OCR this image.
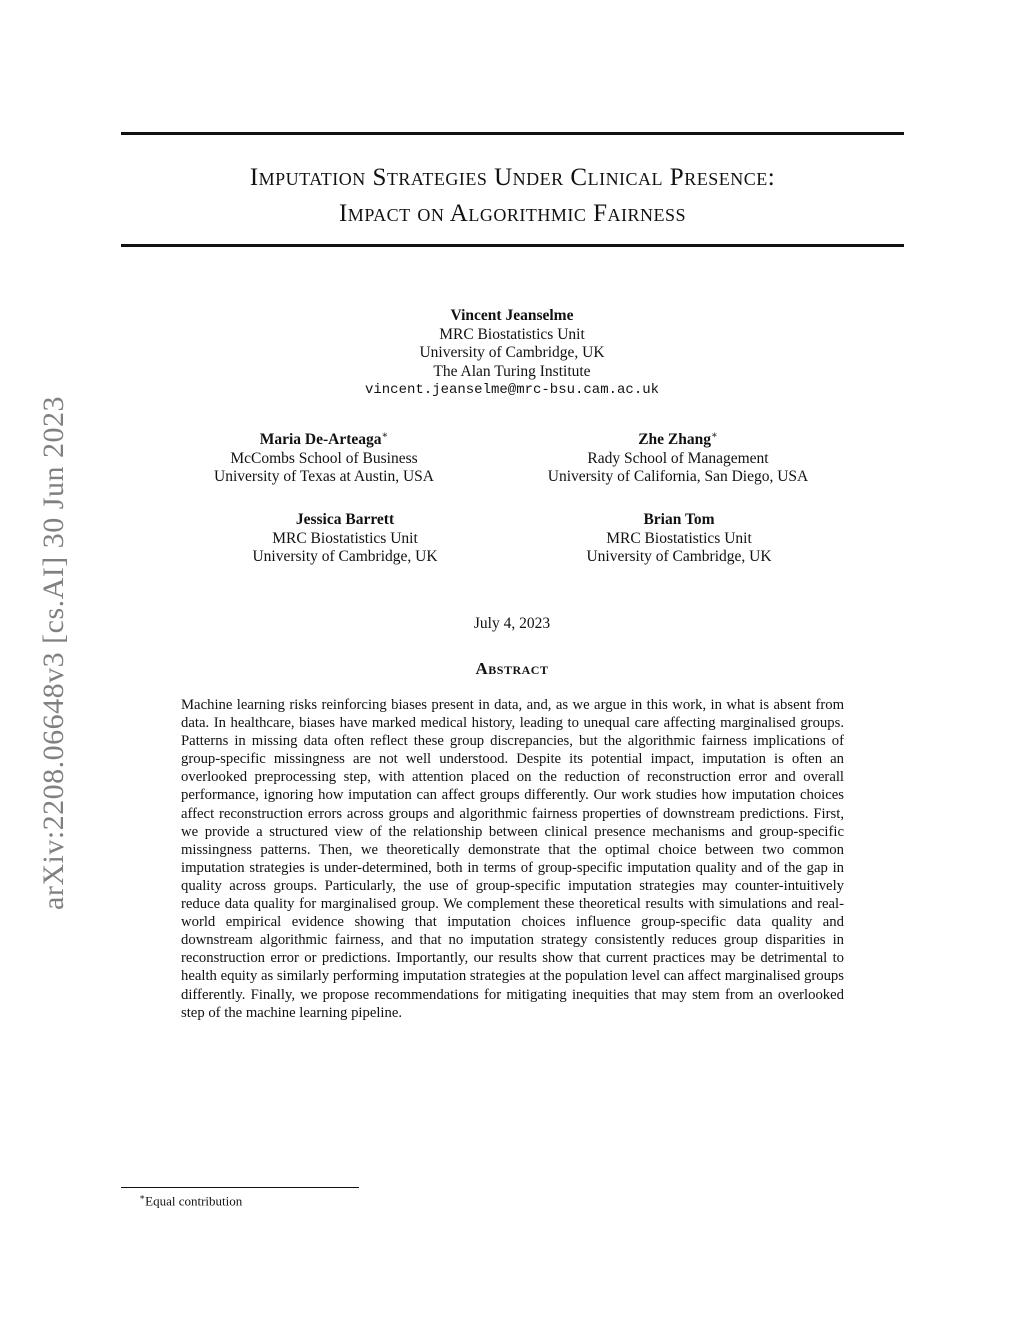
arXiv:2208.06648v3 [cs.AI] 30 Jun 2023
Imputation Strategies Under Clinical Presence:
Impact on Algorithmic Fairness
Vincent Jeanselme
MRC Biostatistics Unit
University of Cambridge, UK
The Alan Turing Institute
vincent.jeanselme@mrc-bsu.cam.ac.uk
Maria De-Arteaga∗
McCombs School of Business
University of Texas at Austin, USA
Zhe Zhang∗
Rady School of Management
University of California, San Diego, USA
Jessica Barrett
MRC Biostatistics Unit
University of Cambridge, UK
Brian Tom
MRC Biostatistics Unit
University of Cambridge, UK
July 4, 2023
Abstract
Machine learning risks reinforcing biases present in data, and, as we argue in this work, in what is absent from data. In healthcare, biases have marked medical history, leading to unequal care affecting marginalised groups. Patterns in missing data often reflect these group discrepancies, but the algorithmic fairness implications of group-specific missingness are not well understood. Despite its potential impact, imputation is often an overlooked preprocessing step, with attention placed on the reduction of reconstruction error and overall performance, ignoring how imputation can affect groups differently. Our work studies how imputation choices affect reconstruction errors across groups and algorithmic fairness properties of downstream predictions. First, we provide a structured view of the relationship between clinical presence mechanisms and group-specific missingness patterns. Then, we theoretically demonstrate that the optimal choice between two common imputation strategies is under-determined, both in terms of group-specific imputation quality and of the gap in quality across groups. Particularly, the use of group-specific imputation strategies may counter-intuitively reduce data quality for marginalised group. We complement these theoretical results with simulations and real-world empirical evidence showing that imputation choices influence group-specific data quality and downstream algorithmic fairness, and that no imputation strategy consistently reduces group disparities in reconstruction error or predictions. Importantly, our results show that current practices may be detrimental to health equity as similarly performing imputation strategies at the population level can affect marginalised groups differently. Finally, we propose recommendations for mitigating inequities that may stem from an overlooked step of the machine learning pipeline.
∗Equal contribution
